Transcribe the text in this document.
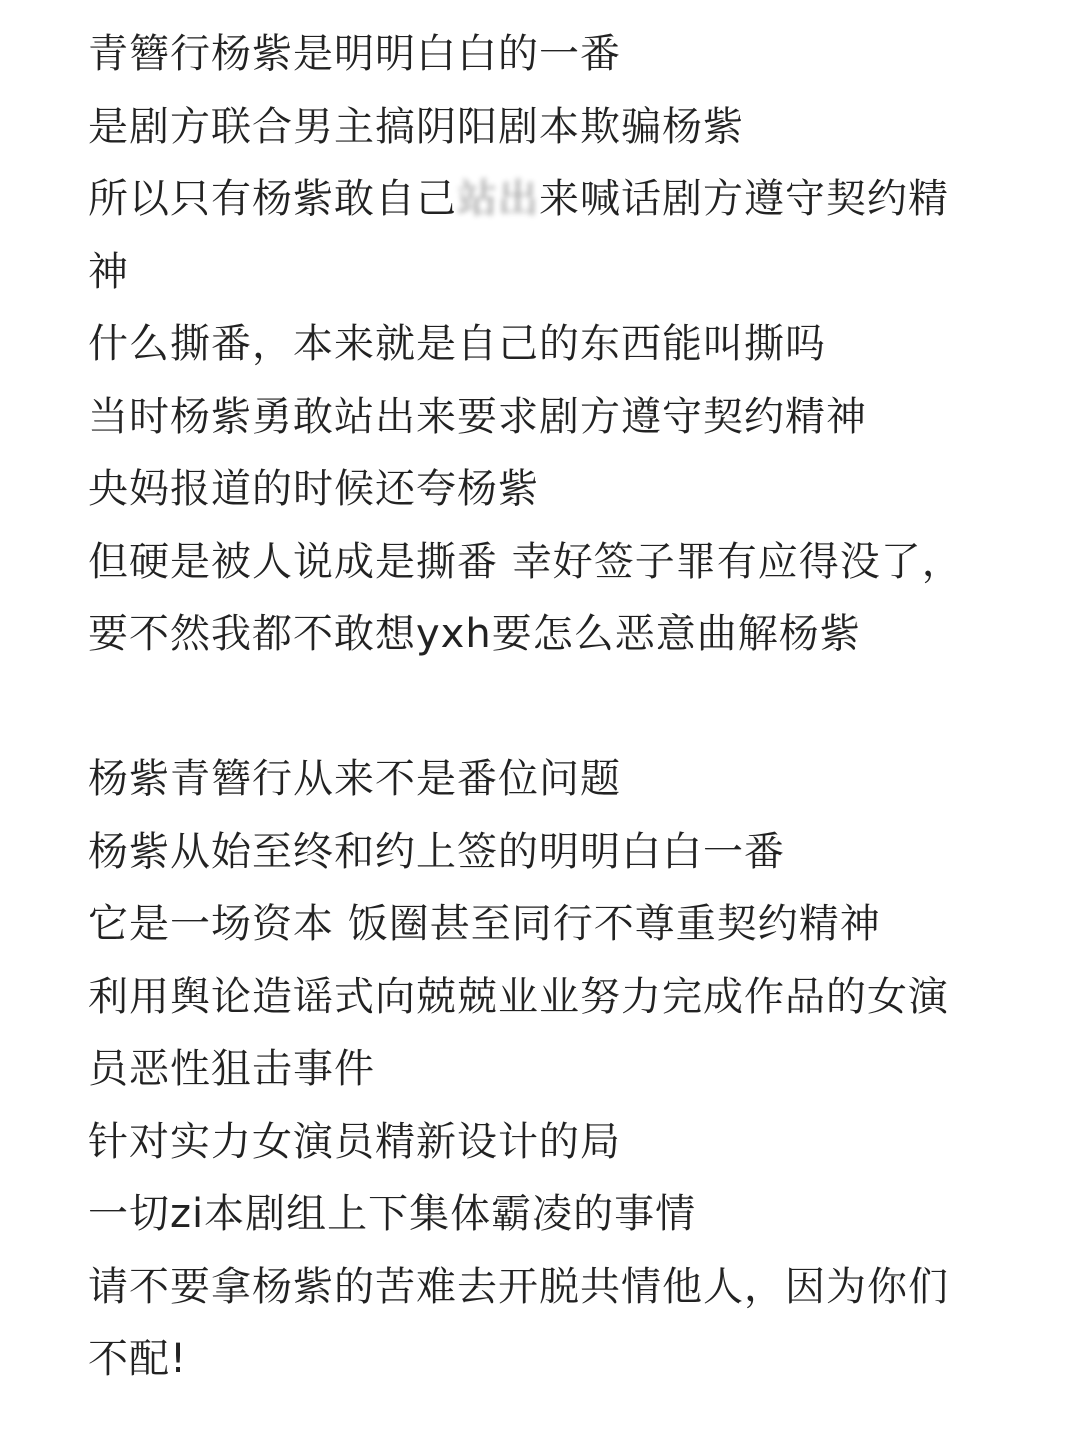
青簪行杨紫是明明白白的一番
是剧方联合男主搞阴阳剧本欺骗杨紫
所以只有杨紫敢自己站出来喊话剧方遵守契约精
神
什么撕番，本来就是自己的东西能叫撕吗
当时杨紫勇敢站出来要求剧方遵守契约精神
央妈报道的时候还夸杨紫
但硬是被人说成是撕番 幸好签子罪有应得没了，
要不然我都不敢想yxh要怎么恶意曲解杨紫
杨紫青簪行从来不是番位问题
杨紫从始至终和约上签的明明白白一番
它是一场资本 饭圈甚至同行不尊重契约精神
利用舆论造谣式向兢兢业业努力完成作品的女演
员恶性狙击事件
针对实力女演员精新设计的局
一切zi本剧组上下集体霸凌的事情
请不要拿杨紫的苦难去开脱共情他人，因为你们
不配!
